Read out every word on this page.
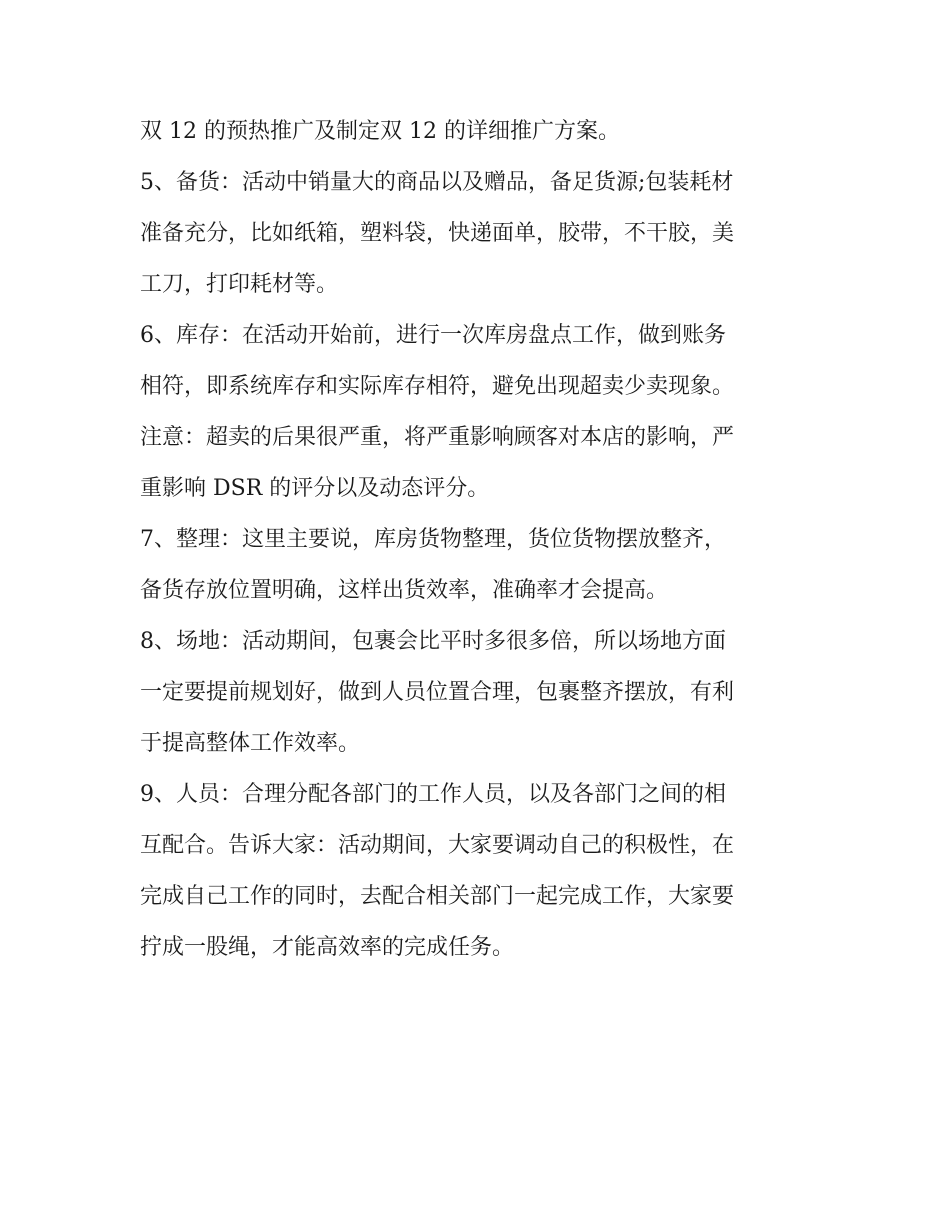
双 12 的预热推广及制定双 12 的详细推广方案。
5、备货：活动中销量大的商品以及赠品，备足货源;包装耗材
准备充分，比如纸箱，塑料袋，快递面单，胶带，不干胶，美
工刀，打印耗材等。
6、库存：在活动开始前，进行一次库房盘点工作，做到账务
相符，即系统库存和实际库存相符，避免出现超卖少卖现象。
注意：超卖的后果很严重，将严重影响顾客对本店的影响，严
重影响 DSR 的评分以及动态评分。
7、整理：这里主要说，库房货物整理，货位货物摆放整齐，
备货存放位置明确，这样出货效率，准确率才会提高。
8、场地：活动期间，包裹会比平时多很多倍，所以场地方面
一定要提前规划好，做到人员位置合理，包裹整齐摆放，有利
于提高整体工作效率。
9、人员：合理分配各部门的工作人员，以及各部门之间的相
互配合。告诉大家：活动期间，大家要调动自己的积极性，在
完成自己工作的同时，去配合相关部门一起完成工作，大家要
拧成一股绳，才能高效率的完成任务。
